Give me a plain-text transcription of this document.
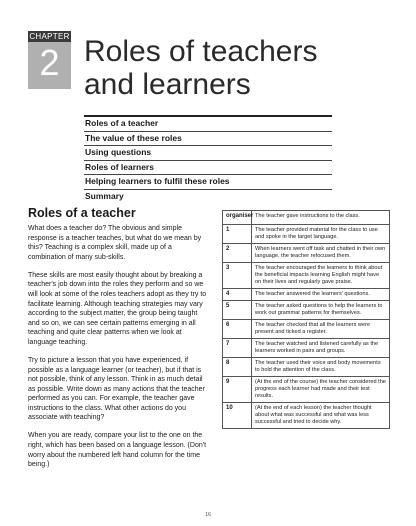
CHAPTER
2 Roles of teachers
and learners
Roles of a teacher
The value of these roles
Using questions
Roles of learners
Helping learners to fulfil these roles
Summary
Roles of a teacher

What does a teacher do? The obvious and simple response is a teacher teaches, but what do we mean by this? Teaching is a complex skill, made up of a combination of many sub-skills.

These skills are most easily thought about by breaking a teacher's job down into the roles they perform and so we will look at some of the roles teachers adopt as they try to facilitate learning. Although teaching strategies may vary according to the subject matter, the group being taught and so on, we can see certain patterns emerging in all teaching and quite clear patterns when we look at language teaching.

Try to picture a lesson that you have experienced, if possible as a language learner (or teacher), but if that is not possible, think of any lesson. Think in as much detail as possible. Write down as many actions that the teacher performed as you can. For example, the teacher gave instructions to the class. What other actions do you associate with teaching?

When you are ready, compare your list to the one on the right, which has been based on a language lesson. (Don't worry about the numbered left hand column for the time being.)

organiser	The teacher gave instructions to the class.
1	The teacher provided material for the class to use and spoke in the target language.
2	When learners went off task and chatted in their own language, the teacher refocused them.
3	The teacher encouraged the learners to think about the beneficial impacts learning English might have on their lives and regularly gave praise.
4	The teacher answered the learners' questions.
5	The teacher asked questions to help the learners to work out grammar patterns for themselves.
6	The teacher checked that all the learners were present and ticked a register.
7	The teacher watched and listened carefully as the learners worked in pairs and groups.
8	The teacher used their voice and body movements to hold the attention of the class.
9	(At the end of the course) the teacher considered the progress each learner had made and their test results.
10	(At the end of each lesson) the teacher thought about what was successful and what was less successful and tried to decide why.
16
